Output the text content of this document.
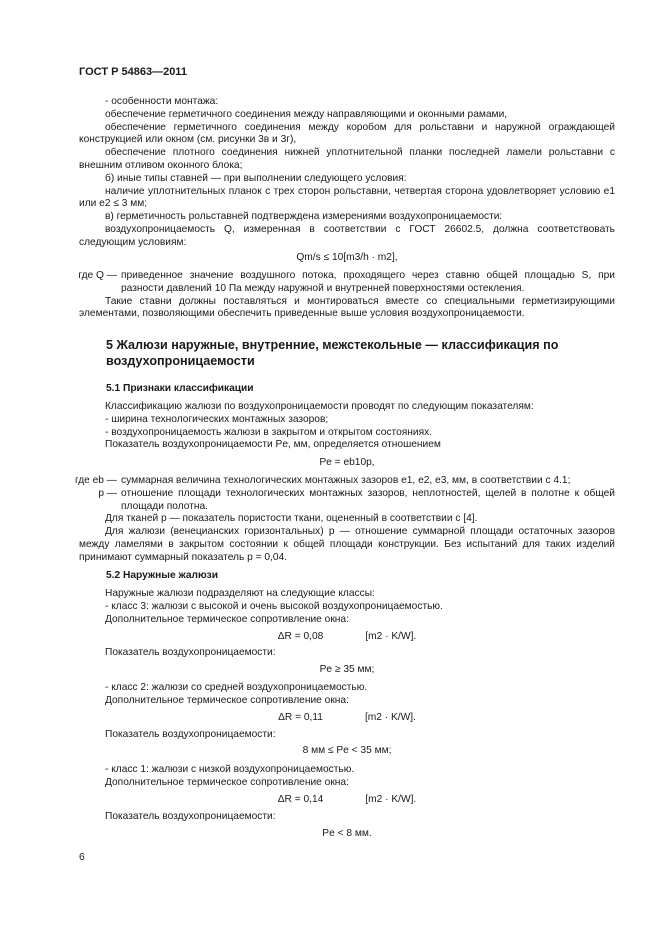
ГОСТ Р 54863—2011

- особенности монтажа:

обеспечение герметичного соединения между направляющими и оконными рамами,

обеспечение герметичного соединения между коробом для рольставни и наружной ограждающей конструкцией или окном (см. рисунки 3в и 3г),

обеспечение плотного соединения нижней уплотнительной планки последней ламели рольставни с внешним отливом оконного блока;

б) иные типы ставней — при выполнении следующего условия:

наличие уплотнительных планок с трех сторон рольставни, четвертая сторона удовлетворяет условию e1 или e2 ≤ 3 мм;

в) герметичность рольставней подтверждена измерениями воздухопроницаемости:

воздухопроницаемость Q, измеренная в соответствии с ГОСТ 26602.5, должна соответствовать следующим условиям:

Qm/s ≤ 10[m3/h · m2],

где Q — приведенное значение воздушного потока, проходящего через ставню общей площадью S, при разности давлений 10 Па между наружной и внутренней поверхностями остекления.

Такие ставни должны поставляться и монтироваться вместе со специальными герметизирующими элементами, позволяющими обеспечить приведенные выше условия воздухопроницаемости.

5 Жалюзи наружные, внутренние, межстекольные — классификация по воздухопроницаемости

5.1 Признаки классификации

Классификацию жалюзи по воздухопроницаемости проводят по следующим показателям:

- ширина технологических монтажных зазоров;

- воздухопроницаемость жалюзи в закрытом и открытом состояниях.

Показатель воздухопроницаемости Pe, мм, определяется отношением

Pe = eb10p,

где eb — суммарная величина технологических монтажных зазоров e1, e2, e3, мм, в соответствии с 4.1;
p — отношение площади технологических монтажных зазоров, неплотностей, щелей в полотне к общей площади полотна.

Для тканей p — показатель пористости ткани, оцененный в соответствии с [4].

Для жалюзи (венецианских горизонтальных) p — отношение суммарной площади остаточных зазоров между ламелями в закрытом состоянии к общей площади конструкции. Без испытаний для таких изделий принимают суммарный показатель p = 0,04.

5.2 Наружные жалюзи

Наружные жалюзи подразделяют на следующие классы:

- класс 3: жалюзи с высокой и очень высокой воздухопроницаемостью.

Дополнительное термическое сопротивление окна:

ΔR = 0,08	[m2 · K/W].

Показатель воздухопроницаемости:

Pe ≥ 35 мм;

- класс 2: жалюзи со средней воздухопроницаемостью.

Дополнительное термическое сопротивление окна:

ΔR = 0,11	[m2 · K/W].

Показатель воздухопроницаемости:

8 мм ≤ Pe < 35 мм;

- класс 1: жалюзи с низкой воздухопроницаемостью.

Дополнительное термическое сопротивление окна:

ΔR = 0,14	[m2 · K/W].

Показатель воздухопроницаемости:

Pe < 8 мм.

6
